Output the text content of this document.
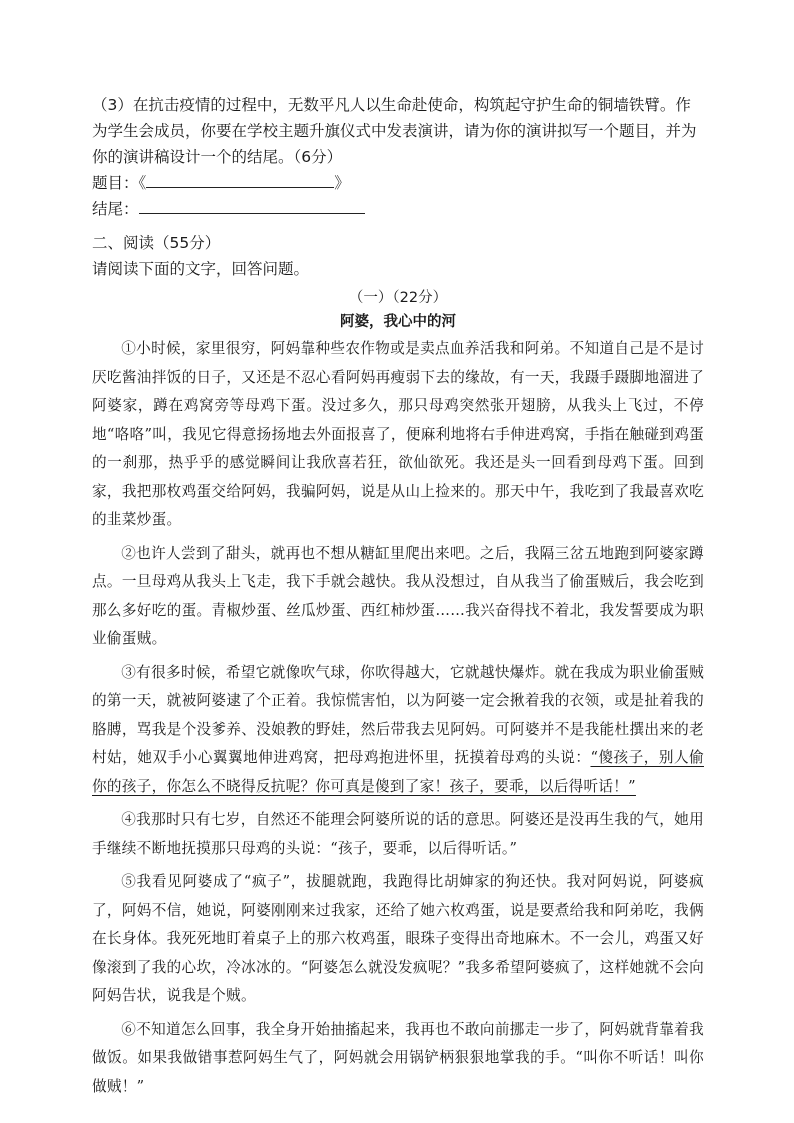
（3）在抗击疫情的过程中，无数平凡人以生命赴使命，构筑起守护生命的铜墙铁臂。作为学生会成员，你要在学校主题升旗仪式中发表演讲，请为你的演讲拟写一个题目，并为你的演讲稿设计一个的结尾。（6分）

题目：《	》

结尾：

二、阅读（55分）

请阅读下面的文字，回答问题。

（一）（22分）

阿婆，我心中的河

①小时候，家里很穷，阿妈靠种些农作物或是卖点血养活我和阿弟。不知道自己是不是讨厌吃酱油拌饭的日子，又还是不忍心看阿妈再瘦弱下去的缘故，有一天，我蹑手蹑脚地溜进了阿婆家，蹲在鸡窝旁等母鸡下蛋。没过多久，那只母鸡突然张开翅膀，从我头上飞过，不停地“咯咯”叫，我见它得意扬扬地去外面报喜了，便麻利地将右手伸进鸡窝，手指在触碰到鸡蛋的一刹那，热乎乎的感觉瞬间让我欣喜若狂，欲仙欲死。我还是头一回看到母鸡下蛋。回到家，我把那枚鸡蛋交给阿妈，我骗阿妈，说是从山上捡来的。那天中午，我吃到了我最喜欢吃的韭菜炒蛋。

②也许人尝到了甜头，就再也不想从糖缸里爬出来吧。之后，我隔三岔五地跑到阿婆家蹲点。一旦母鸡从我头上飞走，我下手就会越快。我从没想过，自从我当了偷蛋贼后，我会吃到那么多好吃的蛋。青椒炒蛋、丝瓜炒蛋、西红柿炒蛋……我兴奋得找不着北，我发誓要成为职业偷蛋贼。

③有很多时候，希望它就像吹气球，你吹得越大，它就越快爆炸。就在我成为职业偷蛋贼的第一天，就被阿婆逮了个正着。我惊慌害怕，以为阿婆一定会揪着我的衣领，或是扯着我的胳膊，骂我是个没爹养、没娘教的野娃，然后带我去见阿妈。可阿婆并不是我能杜撰出来的老村姑，她双手小心翼翼地伸进鸡窝，把母鸡抱进怀里，抚摸着母鸡的头说：“傻孩子，别人偷你的孩子，你怎么不晓得反抗呢？你可真是傻到了家！孩子，要乖，以后得听话！”

④我那时只有七岁，自然还不能理会阿婆所说的话的意思。阿婆还是没再生我的气，她用手继续不断地抚摸那只母鸡的头说：“孩子，要乖，以后得听话。”

⑤我看见阿婆成了“疯子”，拔腿就跑，我跑得比胡婶家的狗还快。我对阿妈说，阿婆疯了，阿妈不信，她说，阿婆刚刚来过我家，还给了她六枚鸡蛋，说是要煮给我和阿弟吃，我俩在长身体。我死死地盯着桌子上的那六枚鸡蛋，眼珠子变得出奇地麻木。不一会儿，鸡蛋又好像滚到了我的心坎，冷冰冰的。“阿婆怎么就没发疯呢？”我多希望阿婆疯了，这样她就不会向阿妈告状，说我是个贼。

⑥不知道怎么回事，我全身开始抽搐起来，我再也不敢向前挪走一步了，阿妈就背靠着我做饭。如果我做错事惹阿妈生气了，阿妈就会用锅铲柄狠狠地掌我的手。“叫你不听话！叫你做贼！”
